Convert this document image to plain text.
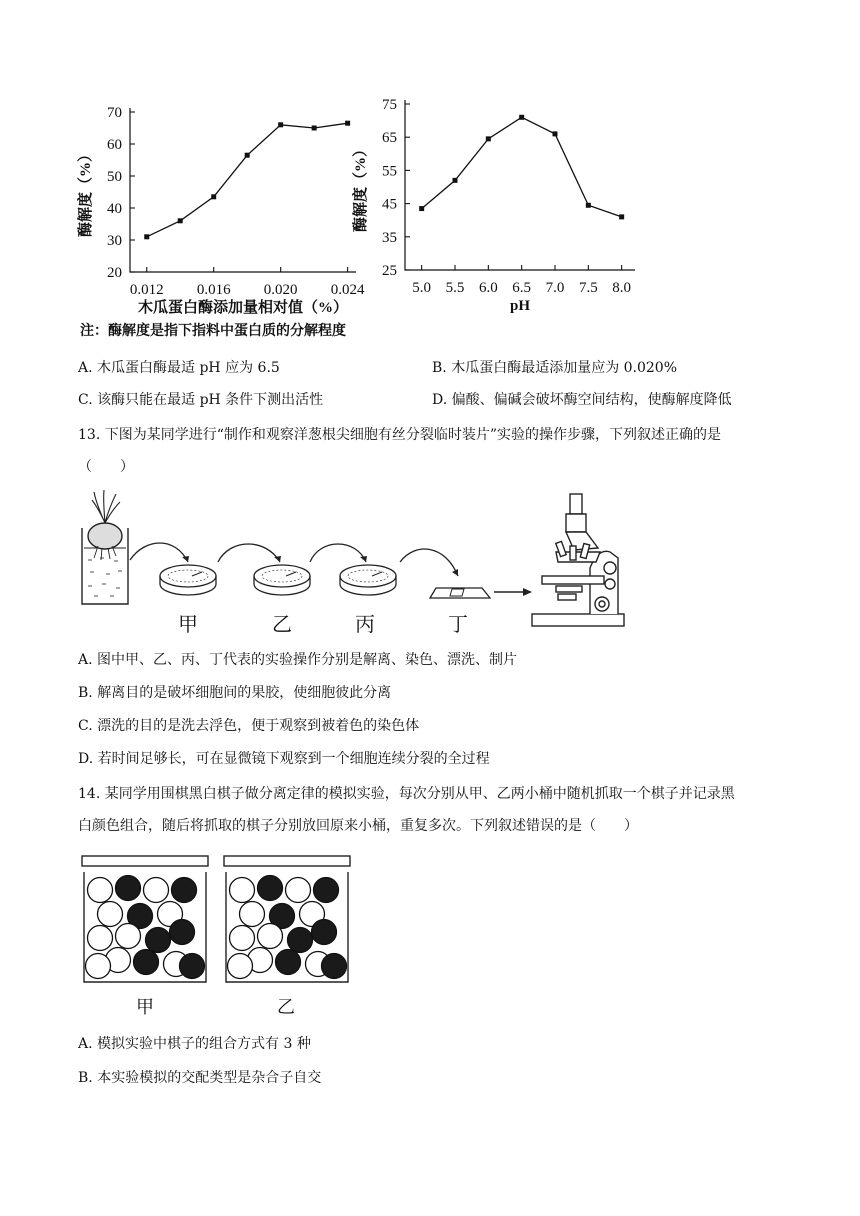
20
30
40
50
60
70
0.012 0.016 0.020 0.024
酶解度（%）
木瓜蛋白酶添加量相对值（%）
25
35
45
55
65
75
5.0 5.5 6.0 6.5 7.0 7.5 8.0
酶解度（%）
pH
注：酶解度是指下指料中蛋白质的分解程度
A. 木瓜蛋白酶最适 pH 应为 6.5	B. 木瓜蛋白酶最适添加量应为 0.020%
C. 该酶只能在最适 pH 条件下测出活性	D. 偏酸、偏碱会破坏酶空间结构，使酶解度降低
13. 下图为某同学进行“制作和观察洋葱根尖细胞有丝分裂临时装片”实验的操作步骤，下列叙述正确的是
（　　）
甲	乙	丙	丁
A. 图中甲、乙、丙、丁代表的实验操作分别是解离、染色、漂洗、制片
B. 解离目的是破坏细胞间的果胶，使细胞彼此分离
C. 漂洗的目的是洗去浮色，便于观察到被着色的染色体
D. 若时间足够长，可在显微镜下观察到一个细胞连续分裂的全过程
14. 某同学用围棋黑白棋子做分离定律的模拟实验，每次分别从甲、乙两小桶中随机抓取一个棋子并记录黑
白颜色组合，随后将抓取的棋子分别放回原来小桶，重复多次。下列叙述错误的是（　　）
甲	乙
A. 模拟实验中棋子的组合方式有 3 种
B. 本实验模拟的交配类型是杂合子自交
